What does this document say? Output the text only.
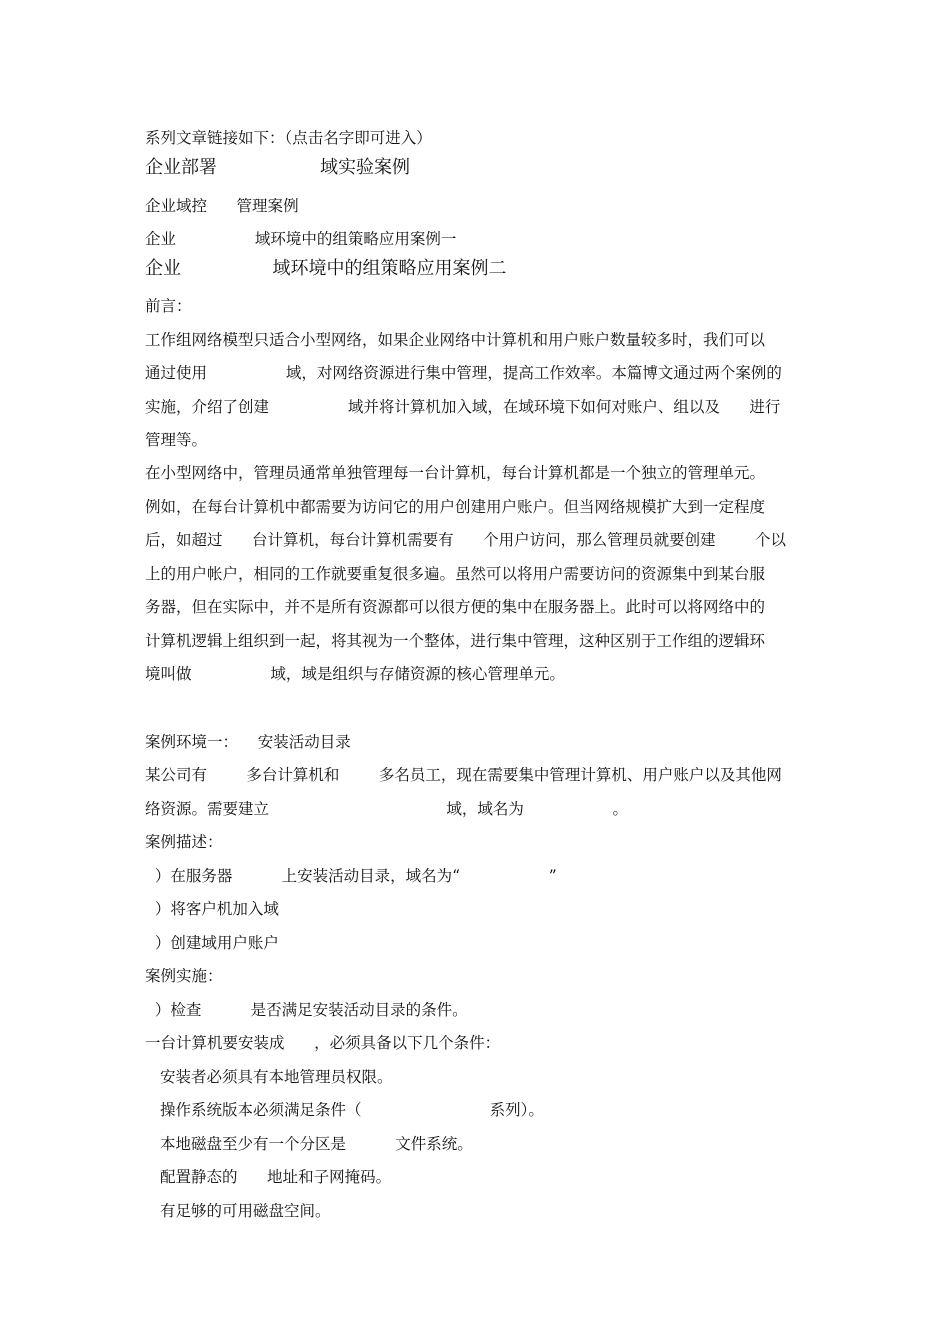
系列文章链接如下：（点击名字即可进入）
企业部署                  域实验案例
企业域控      管理案例
企业                域环境中的组策略应用案例一
企业                域环境中的组策略应用案例二
前言：
工作组网络模型只适合小型网络，如果企业网络中计算机和用户账户数量较多时，我们可以
通过使用                域，对网络资源进行集中管理，提高工作效率。本篇博文通过两个案例的
实施，介绍了创建                域并将计算机加入域，在域环境下如何对账户、组以及      进行
管理等。
在小型网络中，管理员通常单独管理每一台计算机，每台计算机都是一个独立的管理单元。
例如，在每台计算机中都需要为访问它的用户创建用户账户。但当网络规模扩大到一定程度
后，如超过      台计算机，每台计算机需要有      个用户访问，那么管理员就要创建        个以
上的用户帐户，相同的工作就要重复很多遍。虽然可以将用户需要访问的资源集中到某台服
务器，但在实际中，并不是所有资源都可以很方便的集中在服务器上。此时可以将网络中的
计算机逻辑上组织到一起，将其视为一个整体，进行集中管理，这种区别于工作组的逻辑环
境叫做                域，域是组织与存储资源的核心管理单元。
案例环境一：    安装活动目录
某公司有        多台计算机和        多名员工，现在需要集中管理计算机、用户账户以及其他网
络资源。需要建立                                    域，域名为                  。
案例描述：
）在服务器          上安装活动目录，域名为“                  ”
）将客户机加入域
）创建域用户账户
案例实施：
）检查          是否满足安装活动目录的条件。
一台计算机要安装成      ，必须具备以下几个条件：
安装者必须具有本地管理员权限。
操作系统版本必须满足条件（                          系列）。
本地磁盘至少有一个分区是          文件系统。
配置静态的      地址和子网掩码。
有足够的可用磁盘空间。
